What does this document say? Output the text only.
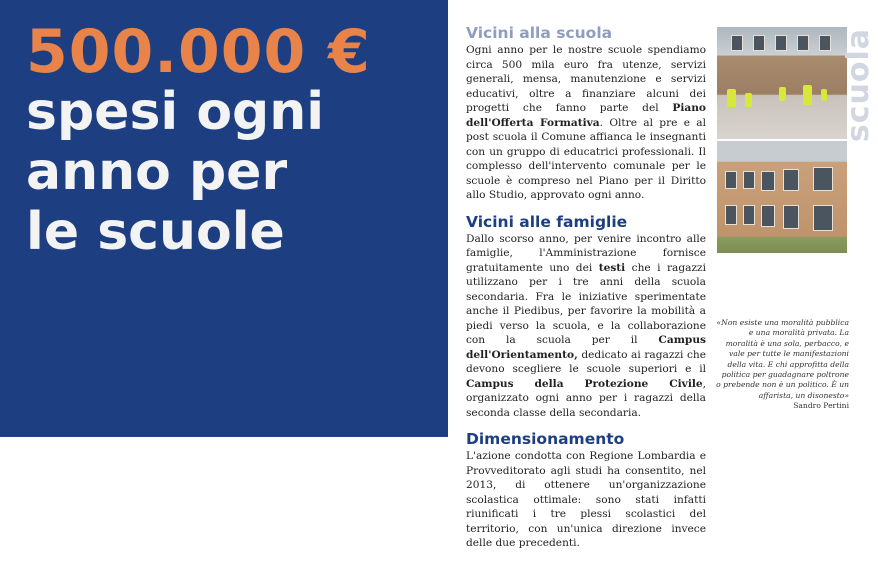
500.000 €
spesi ogni
anno per
le scuole
Vicini alla scuola

Ogni anno per le nostre scuole spendiamo circa 500 mila euro fra utenze, servizi generali, mensa, manutenzione e servizi educativi, oltre a finanziare alcuni dei progetti che fanno parte del Piano dell'Offerta Formativa. Oltre al pre e al post scuola il Comune affianca le insegnanti con un gruppo di educatrici professionali. Il complesso dell'intervento comunale per le scuole è compreso nel Piano per il Diritto allo Studio, approvato ogni anno.

Vicini alle famiglie

Dallo scorso anno, per venire incontro alle famiglie, l'Amministrazione fornisce gratuitamente uno dei testi che i ragazzi utilizzano per i tre anni della scuola secondaria. Fra le iniziative sperimentate anche il Piedibus, per favorire la mobilità a piedi verso la scuola, e la collaborazione con la scuola per il Campus dell'Orientamento, dedicato ai ragazzi che devono scegliere le scuole superiori e il Campus della Protezione Civile, organizzato ogni anno per i ragazzi della seconda classe della secondaria.

Dimensionamento

L'azione condotta con Regione Lombardia e Provveditorato agli studi ha consentito, nel 2013, di ottenere un'organizzazione scolastica ottimale: sono stati infatti riunificati i tre plessi scolastici del territorio, con un'unica direzione invece delle due precedenti.

scuola
«Non esiste una moralità pubblica e una moralità privata. La moralità è una sola, perbacco, e vale per tutte le manifestazioni della vita. E chi approfitta della politica per guadagnare poltrone o prebende non è un politico. È un affarista, un disonesto»
Sandro Pertini
